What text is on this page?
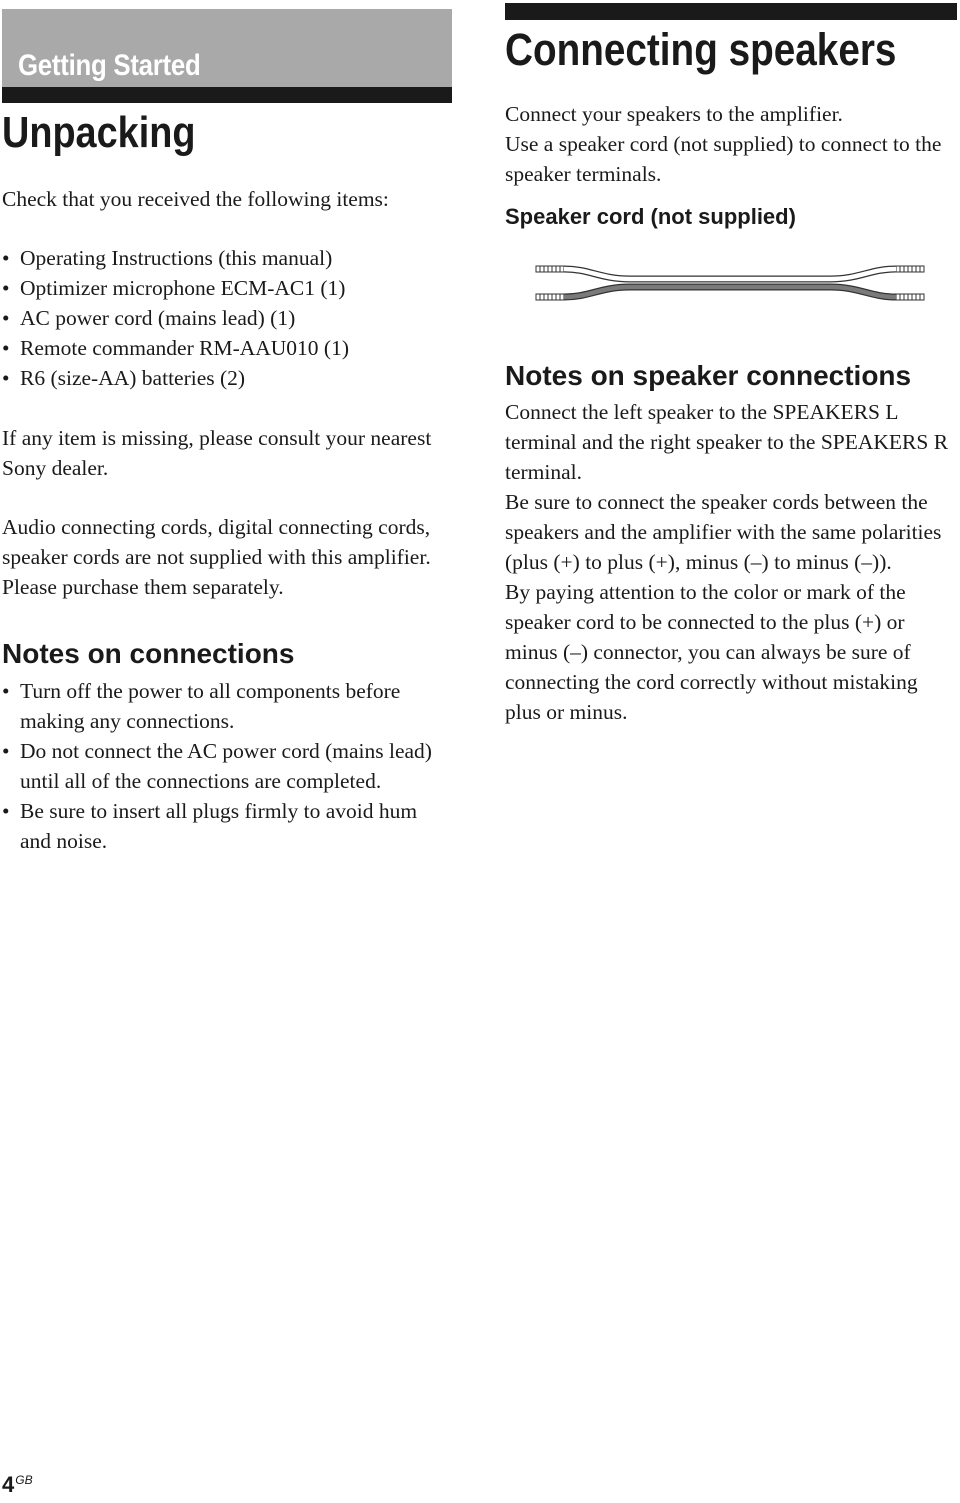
Getting Started
Unpacking

Check that you received the following items:

• Operating Instructions (this manual)
• Optimizer microphone ECM-AC1 (1)
• AC power cord (mains lead) (1)
• Remote commander RM-AAU010 (1)
• R6 (size-AA) batteries (2)

If any item is missing, please consult your nearest Sony dealer.

Audio connecting cords, digital connecting cords, speaker cords are not supplied with this amplifier. Please purchase them separately.

Notes on connections
• Turn off the power to all components before making any connections.
• Do not connect the AC power cord (mains lead) until all of the connections are completed.
• Be sure to insert all plugs firmly to avoid hum and noise.
Connecting speakers
Connect your speakers to the amplifier.
Use a speaker cord (not supplied) to connect to the speaker terminals.
Speaker cord (not supplied)
Notes on speaker connections
Connect the left speaker to the SPEAKERS L terminal and the right speaker to the SPEAKERS R terminal.
Be sure to connect the speaker cords between the speakers and the amplifier with the same polarities (plus (+) to plus (+), minus (–) to minus (–)).
By paying attention to the color or mark of the speaker cord to be connected to the plus (+) or minus (–) connector, you can always be sure of connecting the cord correctly without mistaking plus or minus.
$4^{GB}$
